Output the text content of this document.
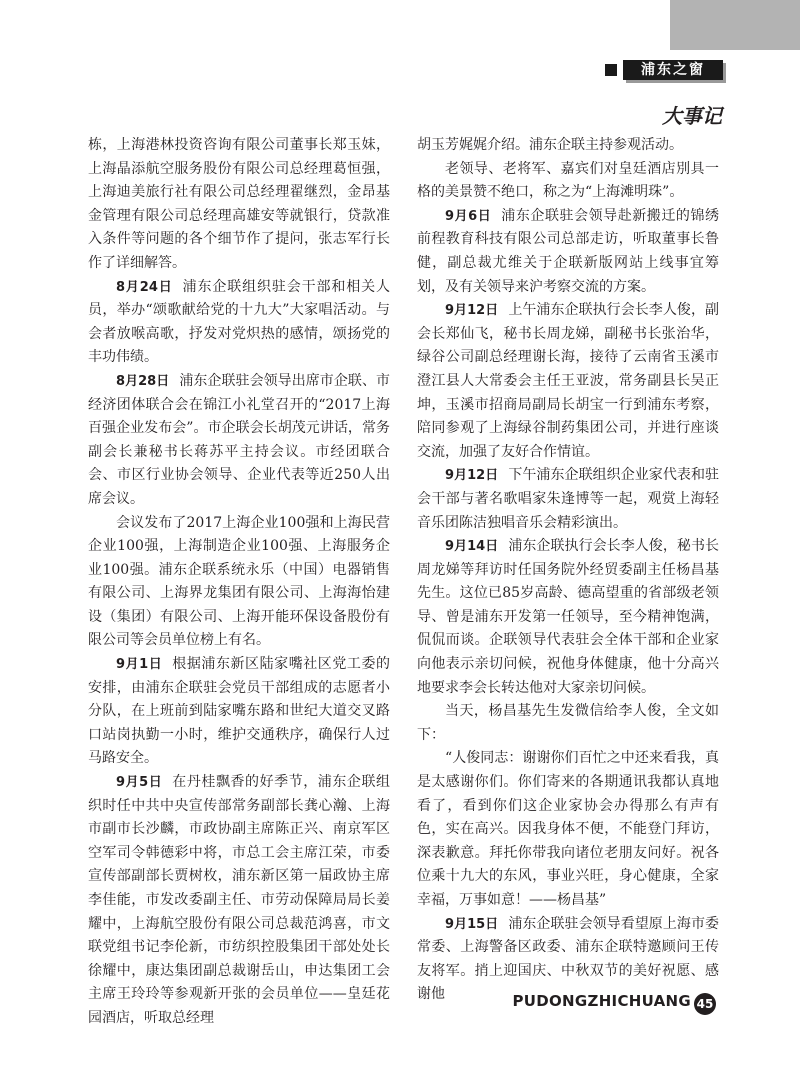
浦东之窗
大事记

栋，上海港林投资咨询有限公司董事长郑玉妹，上海晶添航空服务股份有限公司总经理葛恒强，上海迪美旅行社有限公司总经理翟继烈，金昂基金管理有限公司总经理高雄安等就银行，贷款准入条件等问题的各个细节作了提问，张志军行长作了详细解答。

8月24日 浦东企联组织驻会干部和相关人员，举办“颂歌献给党的十九大”大家唱活动。与会者放喉高歌，抒发对党炽热的感情，颂扬党的丰功伟绩。

8月28日 浦东企联驻会领导出席市企联、市经济团体联合会在锦江小礼堂召开的“2017上海百强企业发布会”。市企联会长胡茂元讲话，常务副会长兼秘书长蒋苏平主持会议。市经团联合会、市区行业协会领导、企业代表等近250人出席会议。

会议发布了2017上海企业100强和上海民营企业100强，上海制造企业100强、上海服务企业100强。浦东企联系统永乐（中国）电器销售有限公司、上海界龙集团有限公司、上海海怡建设（集团）有限公司、上海开能环保设备股份有限公司等会员单位榜上有名。

9月1日 根据浦东新区陆家嘴社区党工委的安排，由浦东企联驻会党员干部组成的志愿者小分队，在上班前到陆家嘴东路和世纪大道交叉路口站岗执勤一小时，维护交通秩序，确保行人过马路安全。

9月5日 在丹桂飘香的好季节，浦东企联组织时任中共中央宣传部常务副部长龚心瀚、上海市副市长沙麟，市政协副主席陈正兴、南京军区空军司令韩德彩中将，市总工会主席江荣，市委宣传部副部长贾树枚，浦东新区第一届政协主席李佳能，市发改委副主任、市劳动保障局局长姜耀中，上海航空股份有限公司总裁范鸿喜，市文联党组书记李伦新，市纺织控股集团干部处处长徐耀中，康达集团副总裁谢岳山，申达集团工会主席王玲玲等参观新开张的会员单位——皇廷花园酒店，听取总经理

胡玉芳娓娓介绍。浦东企联主持参观活动。

老领导、老将军、嘉宾们对皇廷酒店別具一格的美景赞不绝口，称之为“上海滩明珠”。

9月6日 浦东企联驻会领导赴新搬迁的锦绣前程教育科技有限公司总部走访，听取董事长鲁健，副总裁尤维关于企联新版网站上线事宜筹划，及有关领导来沪考察交流的方案。

9月12日 上午浦东企联执行会长李人俊，副会长郑仙飞，秘书长周龙娣，副秘书长张治华，绿谷公司副总经理谢长海，接待了云南省玉溪市澄江县人大常委会主任王亚波，常务副县长吴正坤，玉溪市招商局副局长胡宝一行到浦东考察，陪同参观了上海绿谷制药集团公司，并进行座谈交流，加强了友好合作情谊。

9月12日 下午浦东企联组织企业家代表和驻会干部与著名歌唱家朱逢博等一起，观赏上海轻音乐团陈洁独唱音乐会精彩演出。

9月14日 浦东企联执行会长李人俊，秘书长周龙娣等拜访时任国务院外经贸委副主任杨昌基先生。这位已85岁高龄、德高望重的省部级老领导、曾是浦东开发第一任领导，至今精神饱满，侃侃而谈。企联领导代表驻会全体干部和企业家向他表示亲切问候，祝他身体健康，他十分高兴地要求李会长转达他对大家亲切问候。

当天，杨昌基先生发微信给李人俊，全文如下：

“人俊同志：谢谢你们百忙之中还来看我，真是太感谢你们。你们寄来的各期通讯我都认真地看了，看到你们这企业家协会办得那么有声有色，实在高兴。因我身体不便，不能登门拜访，深表歉意。拜托你带我向诸位老朋友问好。祝各位乘十九大的东风，事业兴旺，身心健康，全家幸福，万事如意！——杨昌基”

9月15日 浦东企联驻会领导看望原上海市委常委、上海警备区政委、浦东企联特邀顾问王传友将军。捎上迎国庆、中秋双节的美好祝愿、感谢他	PUDONGZHICHUANG 45
